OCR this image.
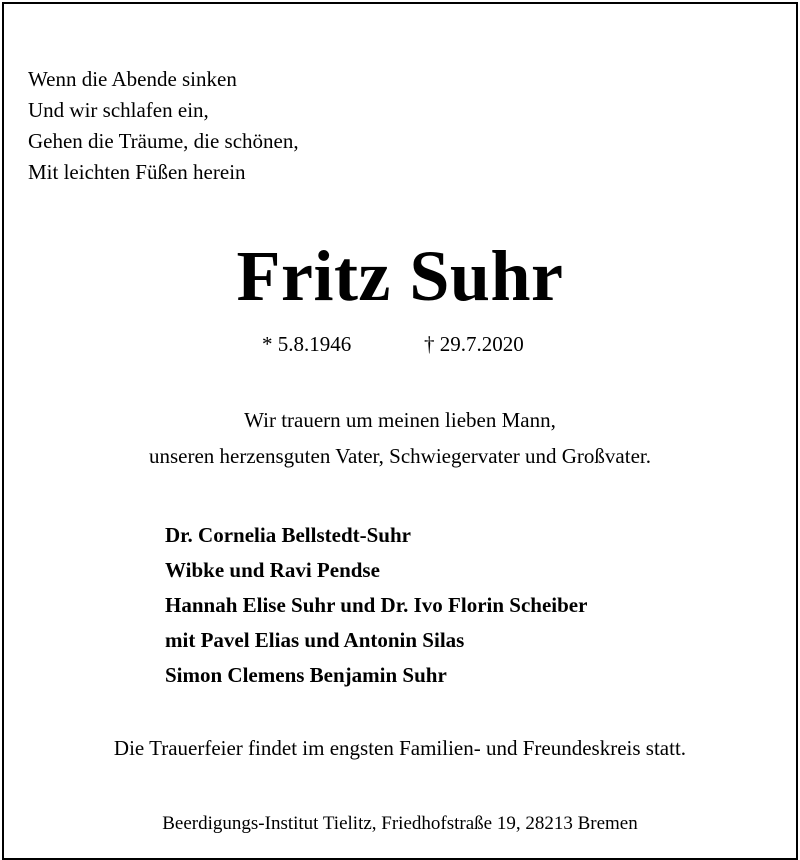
Wenn die Abende sinken
Und wir schlafen ein,
Gehen die Träume, die schönen,
Mit leichten Füßen herein
Fritz Suhr
* 5.8.1946	† 29.7.2020
Wir trauern um meinen lieben Mann,
unseren herzensguten Vater, Schwiegervater und Großvater.
Dr. Cornelia Bellstedt-Suhr
Wibke und Ravi Pendse
Hannah Elise Suhr und Dr. Ivo Florin Scheiber
mit Pavel Elias und Antonin Silas
Simon Clemens Benjamin Suhr
Die Trauerfeier findet im engsten Familien- und Freundeskreis statt.
Beerdigungs-Institut Tielitz, Friedhofstraße 19, 28213 Bremen
